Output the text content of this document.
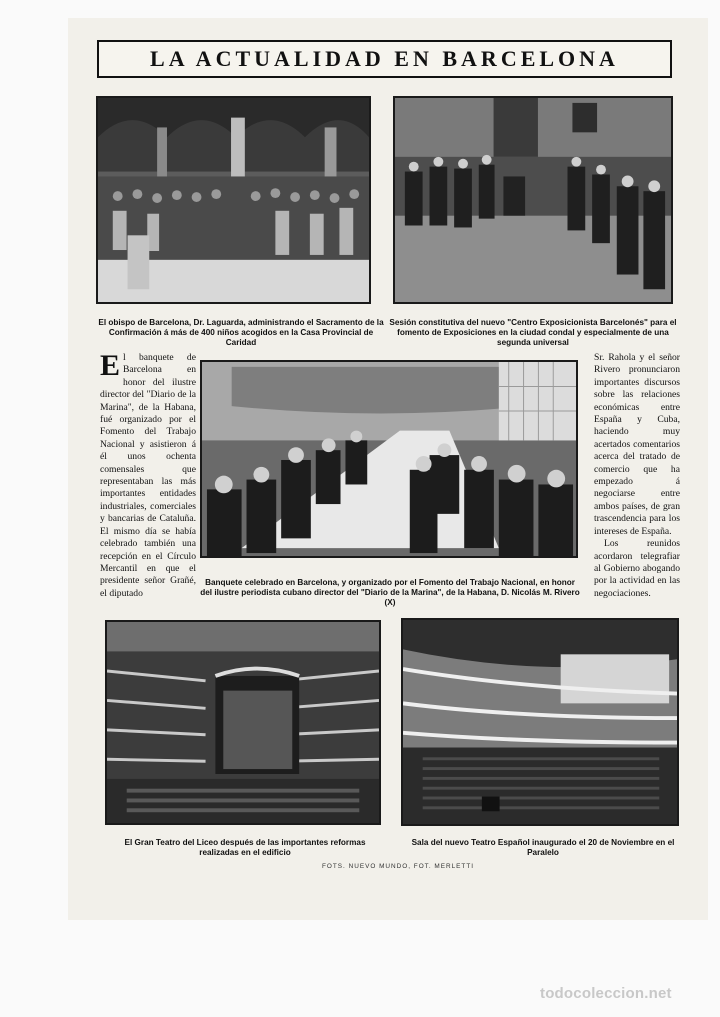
LA ACTUALIDAD EN BARCELONA
El obispo de Barcelona, Dr. Laguarda, administrando el Sacramento de la Confirmación á más de 400 niños acogidos en la Casa Provincial de Caridad
Sesión constitutiva del nuevo "Centro Exposicionista Barcelonés" para el fomento de Exposiciones en la ciudad condal y especialmente de una segunda universal

El banquete de Barcelona en honor del ilustre director del "Diario de la Marina", de la Habana, fué organizado por el Fomento del Trabajo Nacional y asistieron á él unos ochenta comensales que representaban las más importantes entidades industriales, comerciales y bancarias de Cataluña. El mismo día se había celebrado también una recepción en el Círculo Mercantil en que el presidente señor Grañé, el diputado

Sr. Rahola y el señor Rivero pronunciaron importantes discursos sobre las relaciones económicas entre España y Cuba, haciendo muy acertados comentarios acerca del tratado de comercio que ha empezado á negociarse entre ambos países, de gran trascendencia para los intereses de España.

Los reunidos acordaron telegrafiar al Gobierno abogando por la actividad en las negociaciones.

Banquete celebrado en Barcelona, y organizado por el Fomento del Trabajo Nacional, en honor del ilustre periodista cubano director del "Diario de la Marina", de la Habana, D. Nicolás M. Rivero (X)
El Gran Teatro del Liceo después de las importantes reformas realizadas en el edificio
Sala del nuevo Teatro Español inaugurado el 20 de Noviembre en el Paralelo
FOTS. NUEVO MUNDO, FOT. MERLETTI
todocoleccion.net
